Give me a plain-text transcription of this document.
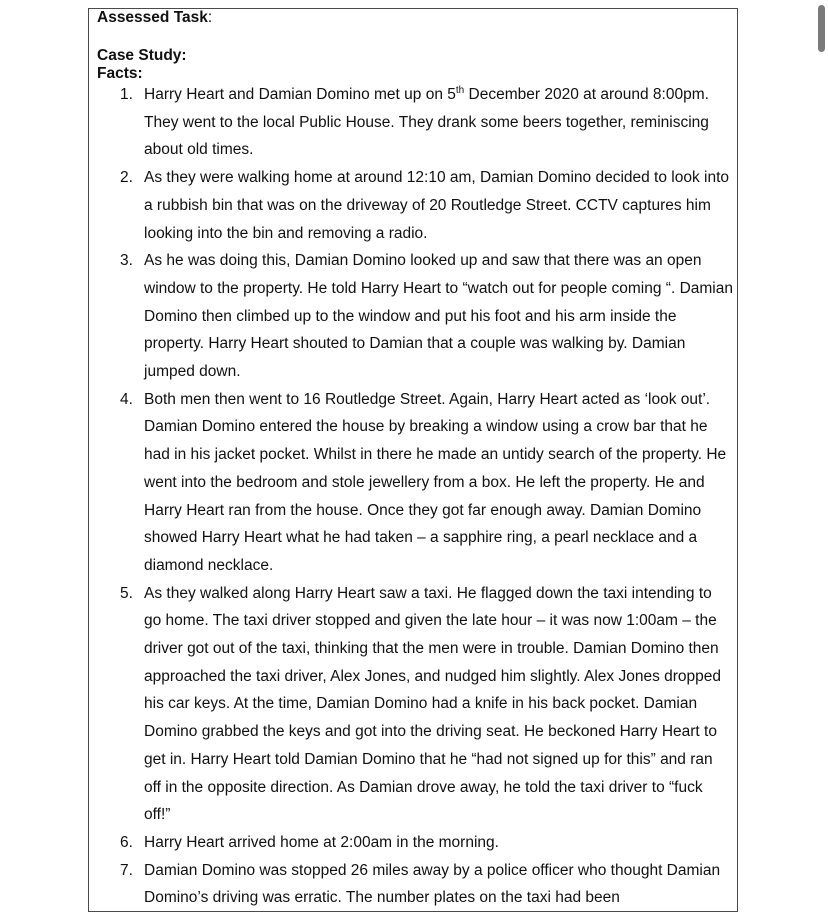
Assessed Task:
Case Study:
Facts:
1. Harry Heart and Damian Domino met up on 5th December 2020 at around 8:00pm. They went to the local Public House. They drank some beers together, reminiscing about old times.
2. As they were walking home at around 12:10 am, Damian Domino decided to look into a rubbish bin that was on the driveway of 20 Routledge Street. CCTV captures him looking into the bin and removing a radio.
3. As he was doing this, Damian Domino looked up and saw that there was an open window to the property. He told Harry Heart to “watch out for people coming “. Damian Domino then climbed up to the window and put his foot and his arm inside the property. Harry Heart shouted to Damian that a couple was walking by. Damian jumped down.
4. Both men then went to 16 Routledge Street. Again, Harry Heart acted as ‘look out’. Damian Domino entered the house by breaking a window using a crow bar that he had in his jacket pocket. Whilst in there he made an untidy search of the property. He went into the bedroom and stole jewellery from a box. He left the property. He and Harry Heart ran from the house. Once they got far enough away. Damian Domino showed Harry Heart what he had taken – a sapphire ring, a pearl necklace and a diamond necklace.
5. As they walked along Harry Heart saw a taxi. He flagged down the taxi intending to go home. The taxi driver stopped and given the late hour – it was now 1:00am – the driver got out of the taxi, thinking that the men were in trouble. Damian Domino then approached the taxi driver, Alex Jones, and nudged him slightly. Alex Jones dropped his car keys. At the time, Damian Domino had a knife in his back pocket. Damian Domino grabbed the keys and got into the driving seat. He beckoned Harry Heart to get in. Harry Heart told Damian Domino that he “had not signed up for this” and ran off in the opposite direction. As Damian drove away, he told the taxi driver to “fuck off!”
6. Harry Heart arrived home at 2:00am in the morning.
7. Damian Domino was stopped 26 miles away by a police officer who thought Damian Domino’s driving was erratic. The number plates on the taxi had been
